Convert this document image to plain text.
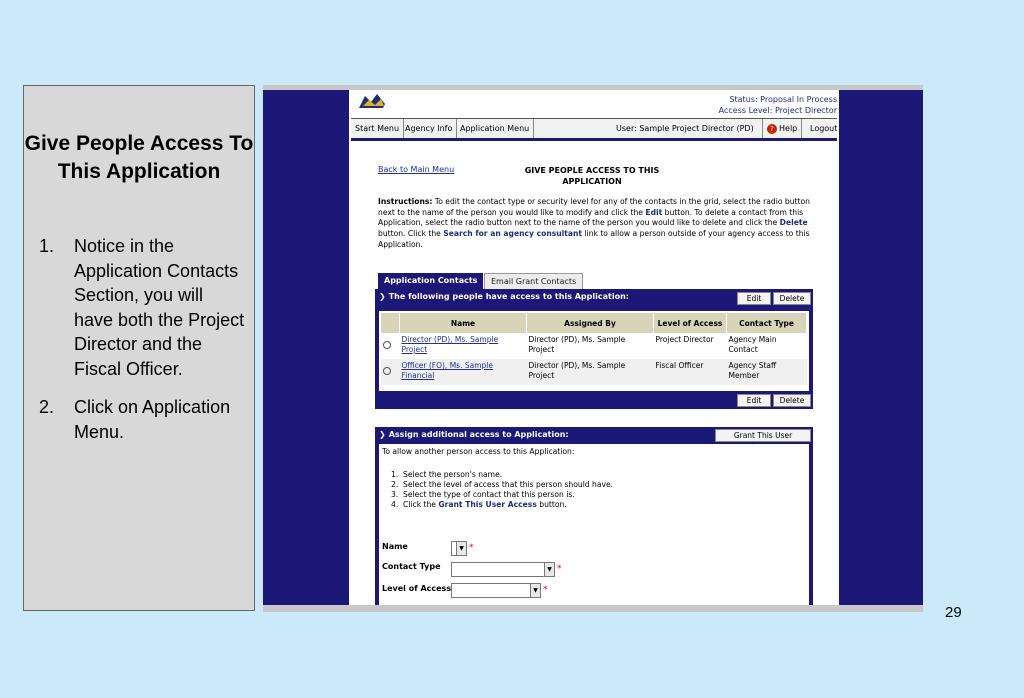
Give People Access To This Application
1. Notice in the Application Contacts Section, you will have both the Project Director and the Fiscal Officer.
2. Click on Application Menu.
29
Status: Proposal In Process
Access Level: Project Director
Start Menu Agency Info Application Menu	User: Sample Project Director (PD)	? Help	Logout
Back to Main Menu	GIVE PEOPLE ACCESS TO THIS APPLICATION
Instructions: To edit the contact type or security level for any of the contacts in the grid, select the radio button next to the name of the person you would like to modify and click the Edit button. To delete a contact from this Application, select the radio button next to the name of the person you would like to delete and click the Delete button. Click the Search for an agency consultant link to allow a person outside of your agency access to this Application.
Application Contacts	Email Grant Contacts
❯ The following people have access to this Application:	Edit	Delete
	Name	Assigned By	Level of Access	Contact Type
	Director (PD), Ms. Sample Project	Director (PD), Ms. Sample Project	Project Director	Agency Main Contact
	Officer (FO), Ms. Sample Financial	Director (PD), Ms. Sample Project	Fiscal Officer	Agency Staff Member
Edit	Delete
❯ Assign additional access to Application:	Grant This User
To allow another person access to this Application:
1. Select the person's name.
2. Select the level of access that this person should have.
3. Select the type of contact that this person is.
4. Click the Grant This User Access button.
Name	▼ *
Contact Type	▼ *
Level of Access	▼ *
